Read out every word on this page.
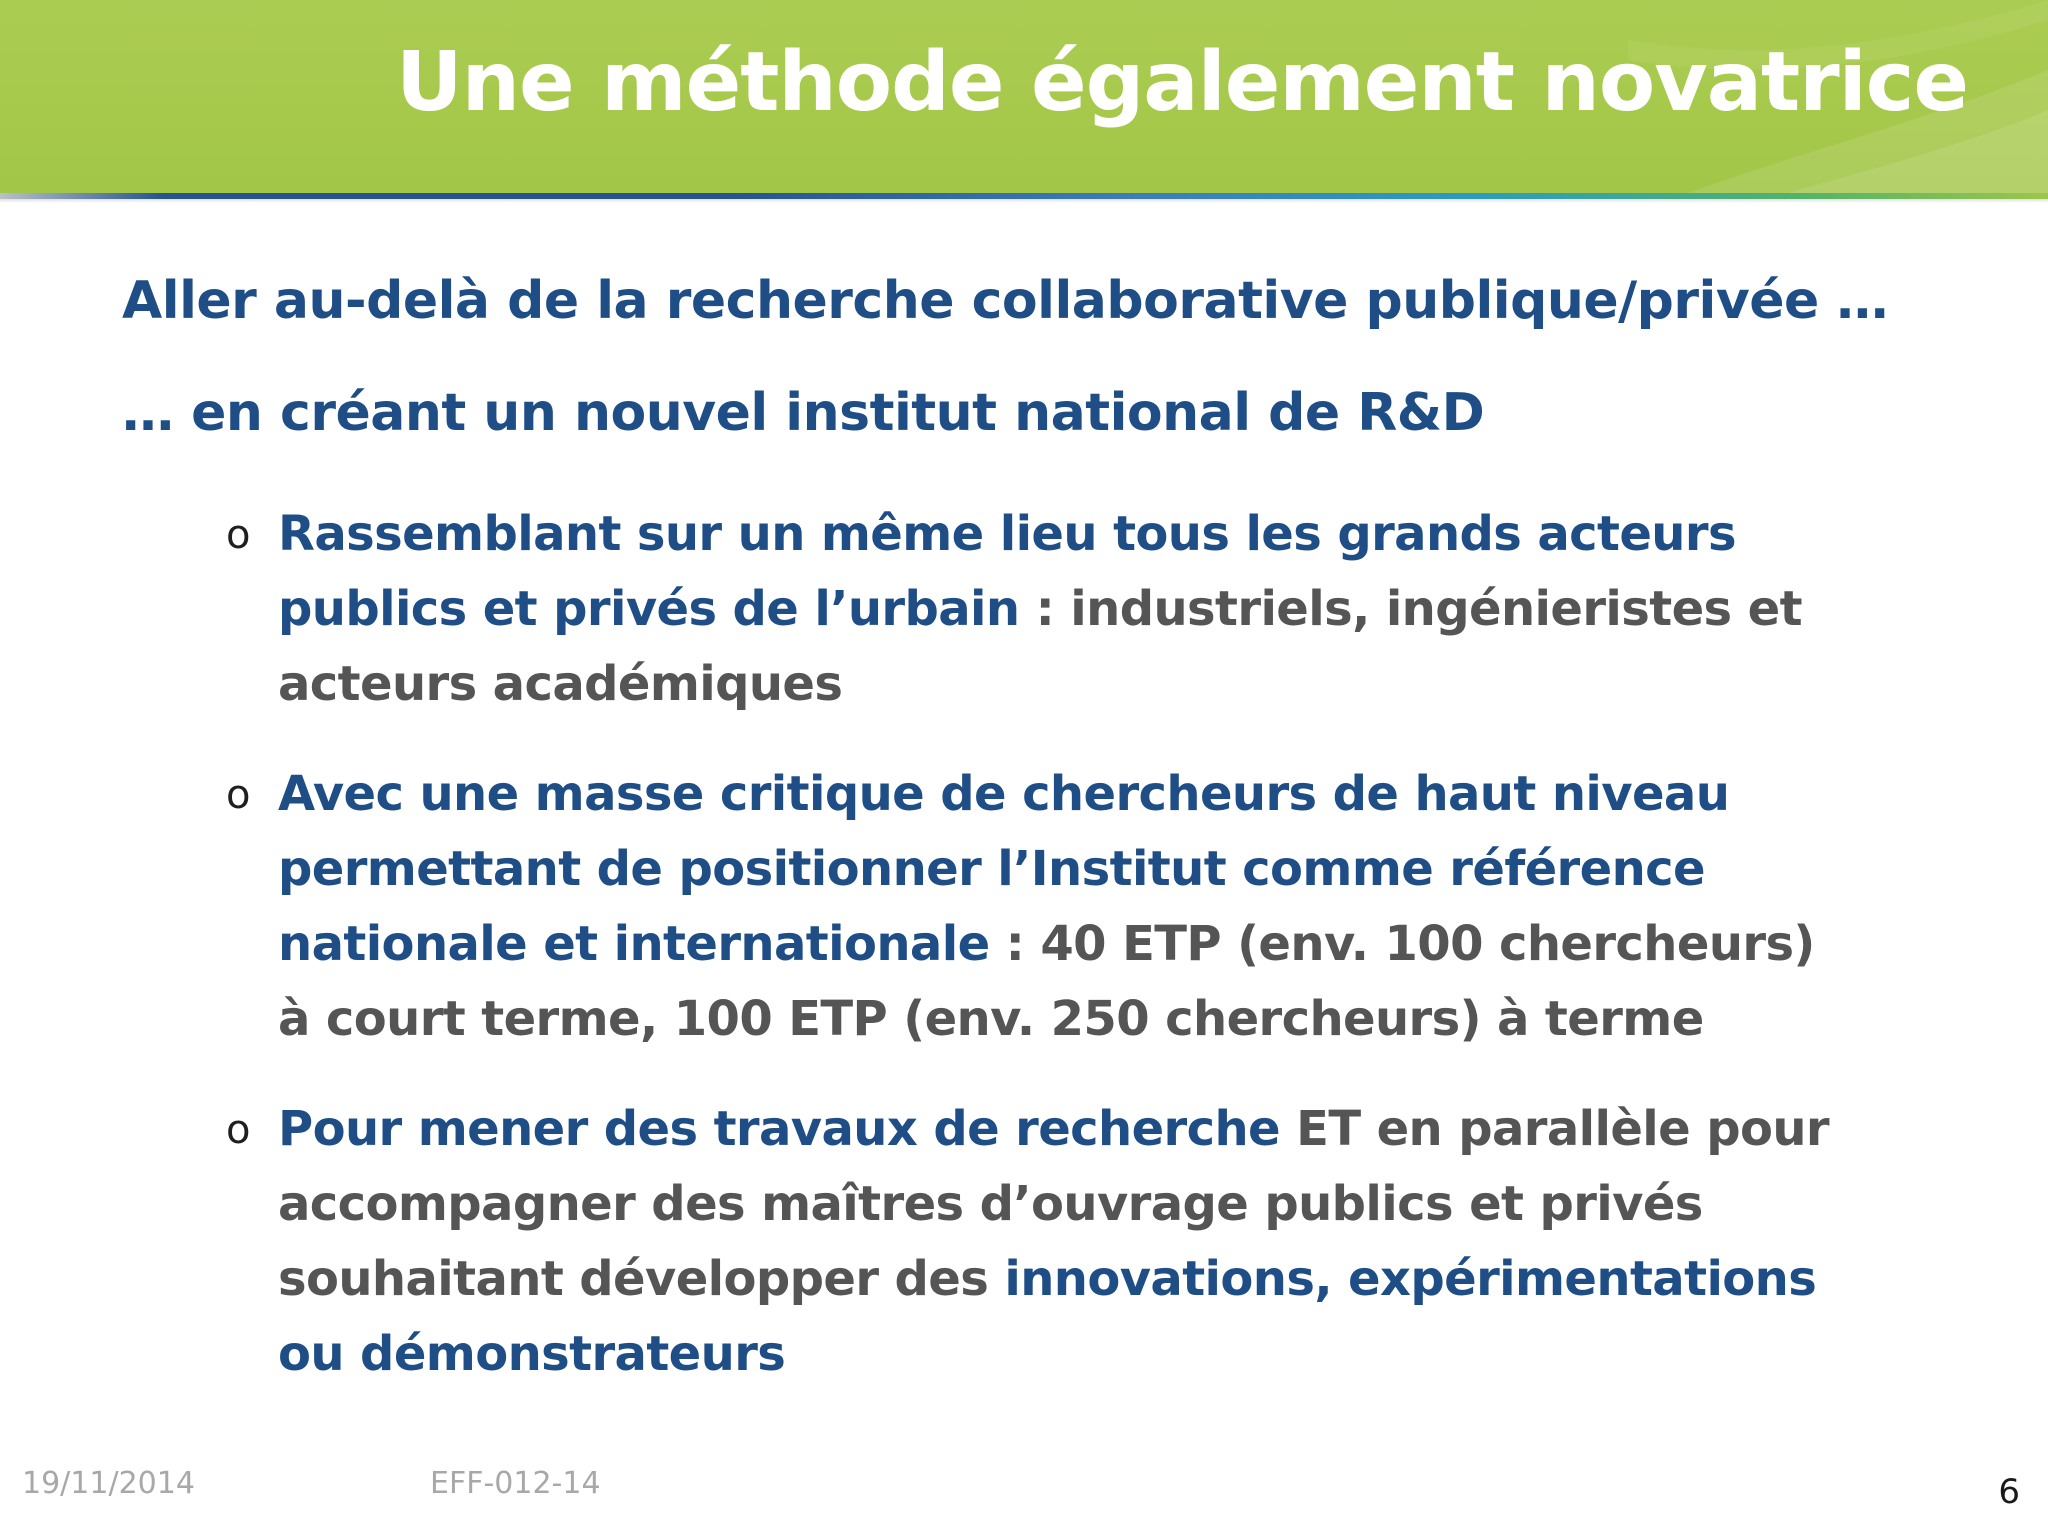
Une méthode également novatrice

Aller au-delà de la recherche collaborative publique/privée …

… en créant un nouvel institut national de R&D

o Rassemblant sur un même lieu tous les grands acteurs publics et privés de l’urbain : industriels, ingénieristes et acteurs académiques
o Avec une masse critique de chercheurs de haut niveau permettant de positionner l’Institut comme référence nationale et internationale : 40 ETP (env. 100 chercheurs) à court terme, 100 ETP (env. 250 chercheurs) à terme
o Pour mener des travaux de recherche ET en parallèle pour accompagner des maîtres d’ouvrage publics et privés souhaitant développer des innovations, expérimentations ou démonstrateurs
19/11/2014	EFF-012-14	6
